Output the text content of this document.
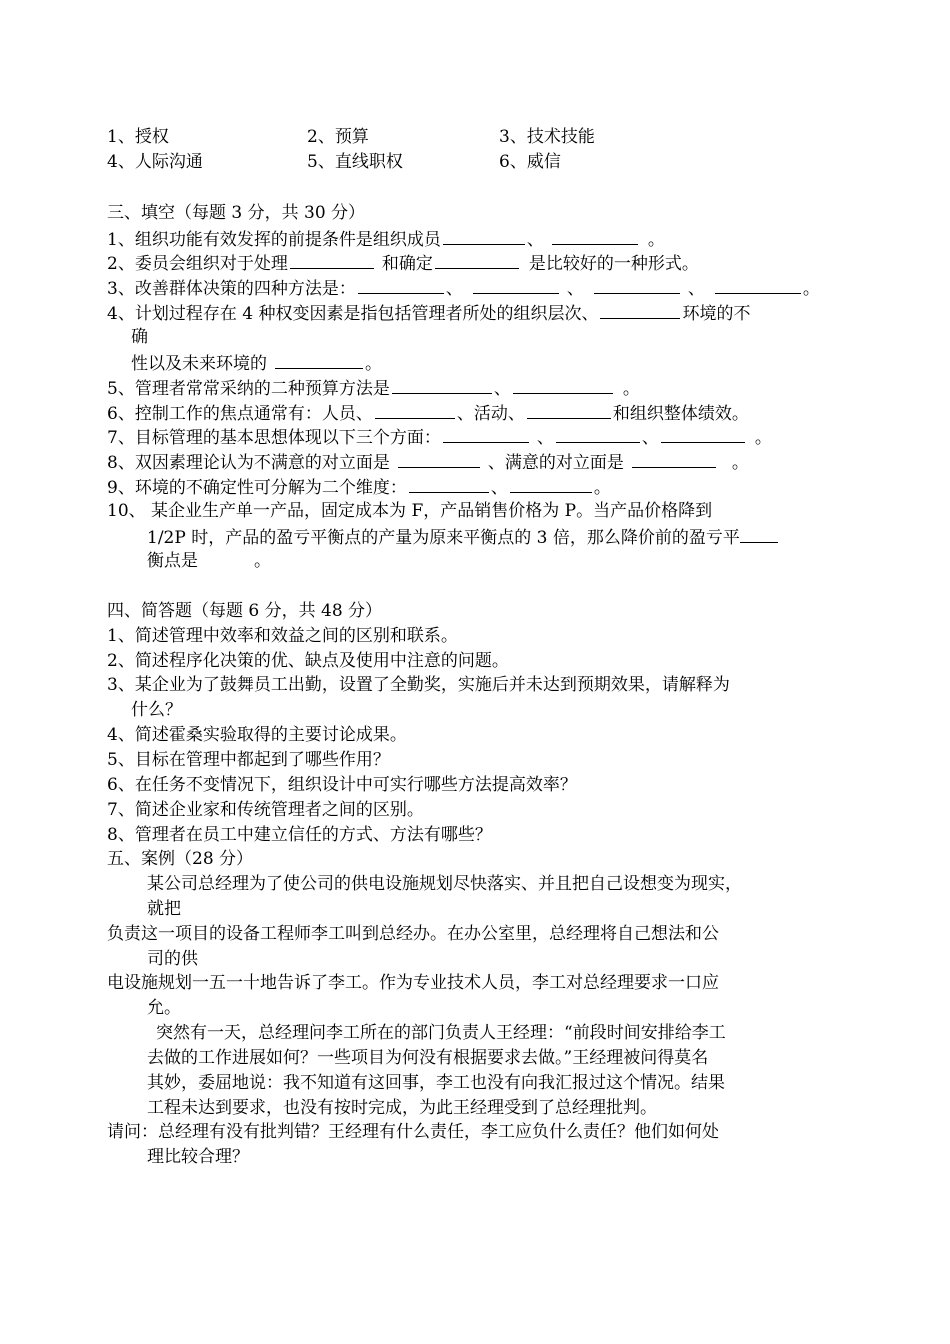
1、授权	2、预算	3、技术技能
4、人际沟通	5、直线职权	6、威信
三、填空（每题 3 分，共 30 分）
1、组织功能有效发挥的前提条件是组织成员	、	。
2、委员会组织对于处理	和确定	是比较好的一种形式。
3、改善群体决策的四种方法是：	、	、	、	。
4、计划过程存在 4 种权变因素是指包括管理者所处的组织层次、	环境的不
确
性以及未来环境的	。
5、管理者常常采纳的二种预算方法是	、	。
6、控制工作的焦点通常有：人员、	、活动、	和组织整体绩效。
7、目标管理的基本思想体现以下三个方面：	、	、	。
8、双因素理论认为不满意的对立面是	、满意的对立面是	。
9、环境的不确定性可分解为二个维度：	、	。
10、 某企业生产单一产品，固定成本为 F，产品销售价格为 P。当产品价格降到
1/2P 时，产品的盈亏平衡点的产量为原来平衡点的 3 倍，那么降价前的盈亏平
衡点是	。
四、简答题（每题 6 分，共 48 分）
1、简述管理中效率和效益之间的区别和联系。
2、简述程序化决策的优、缺点及使用中注意的问题。
3、某企业为了鼓舞员工出勤，设置了全勤奖，实施后并未达到预期效果，请解释为
什么？
4、简述霍桑实验取得的主要讨论成果。
5、目标在管理中都起到了哪些作用？
6、在任务不变情况下，组织设计中可实行哪些方法提高效率？
7、简述企业家和传统管理者之间的区别。
8、管理者在员工中建立信任的方式、方法有哪些？
五、案例（28 分）
某公司总经理为了使公司的供电设施规划尽快落实、并且把自己设想变为现实，
就把
负责这一项目的设备工程师李工叫到总经办。在办公室里，总经理将自己想法和公
司的供
电设施规划一五一十地告诉了李工。作为专业技术人员，李工对总经理要求一口应
允。
突然有一天，总经理问李工所在的部门负责人王经理：“前段时间安排给李工
去做的工作进展如何？一些项目为何没有根据要求去做。”王经理被问得莫名
其妙，委屈地说：我不知道有这回事，李工也没有向我汇报过这个情况。结果
工程未达到要求，也没有按时完成，为此王经理受到了总经理批判。
请问：总经理有没有批判错？王经理有什么责任，李工应负什么责任？他们如何处
理比较合理？
